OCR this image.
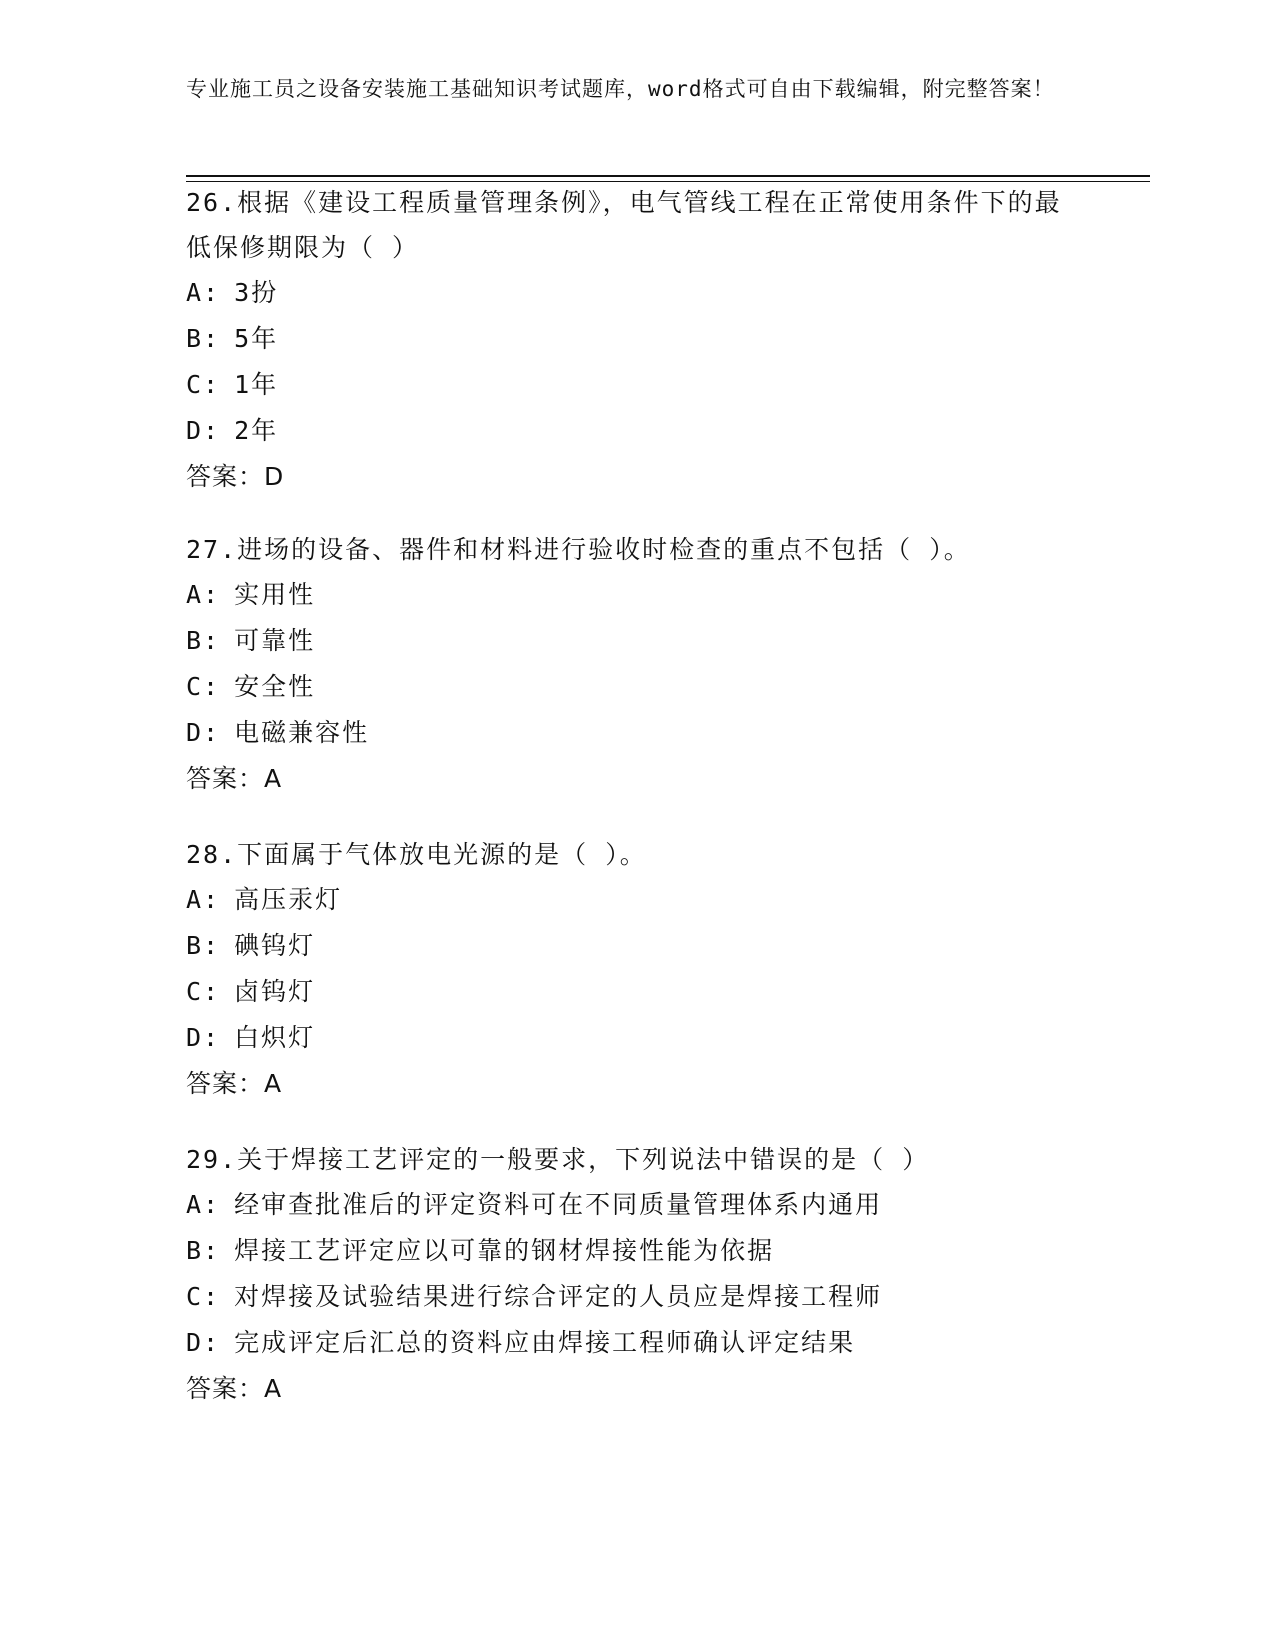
专业施工员之设备安装施工基础知识考试题库，word格式可自由下载编辑，附完整答案！

26.根据《建设工程质量管理条例》，电气管线工程在正常使用条件下的最低保修期限为（ ）

A: 3扮

B: 5年

C: 1年

D: 2年

答案：D

27.进场的设备、器件和材料进行验收时检查的重点不包括（ ）。

A: 实用性

B: 可靠性

C: 安全性

D: 电磁兼容性

答案：A

28.下面属于气体放电光源的是（ ）。

A: 高压汞灯

B: 碘钨灯

C: 卤钨灯

D: 白炽灯

答案：A

29.关于焊接工艺评定的一般要求，下列说法中错误的是（ ）

A: 经审查批准后的评定资料可在不同质量管理体系内通用

B: 焊接工艺评定应以可靠的钢材焊接性能为依据

C: 对焊接及试验结果进行综合评定的人员应是焊接工程师

D: 完成评定后汇总的资料应由焊接工程师确认评定结果

答案：A
